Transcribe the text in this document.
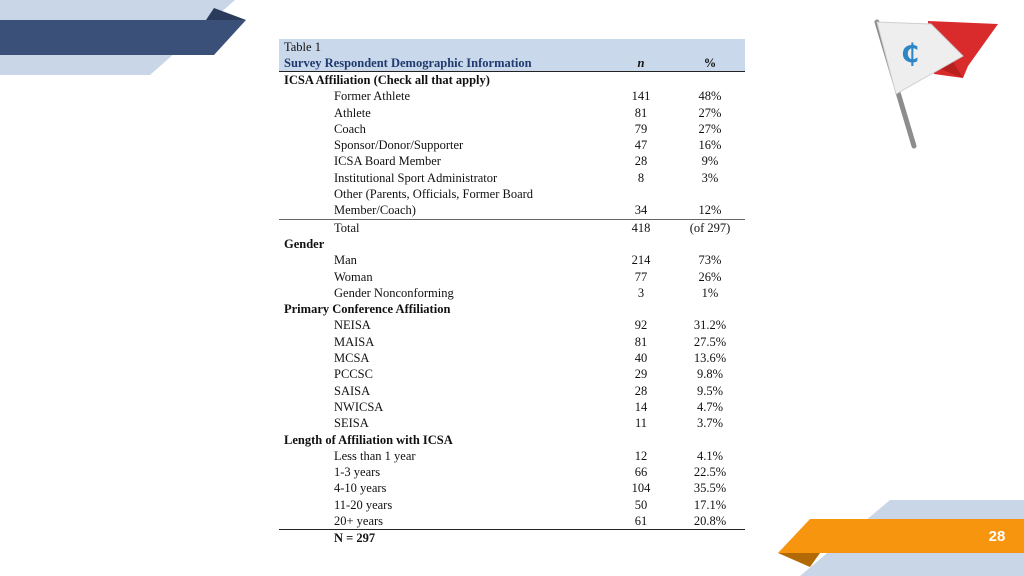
₵
28
Table 1
Survey Respondent Demographic Information	n	%
ICSA Affiliation (Check all that apply)
Former Athlete	141	48%
Athlete	81	27%
Coach	79	27%
Sponsor/Donor/Supporter	47	16%
ICSA Board Member	28	9%
Institutional Sport Administrator	8	3%
Other (Parents, Officials, Former Board Member/Coach)	34	12%
Total	418	(of 297)
Gender
Man	214	73%
Woman	77	26%
Gender Nonconforming	3	1%
Primary Conference Affiliation
NEISA	92	31.2%
MAISA	81	27.5%
MCSA	40	13.6%
PCCSC	29	9.8%
SAISA	28	9.5%
NWICSA	14	4.7%
SEISA	11	3.7%
Length of Affiliation with ICSA
Less than 1 year	12	4.1%
1-3 years	66	22.5%
4-10 years	104	35.5%
11-20 years	50	17.1%
20+ years	61	20.8%
N = 297
